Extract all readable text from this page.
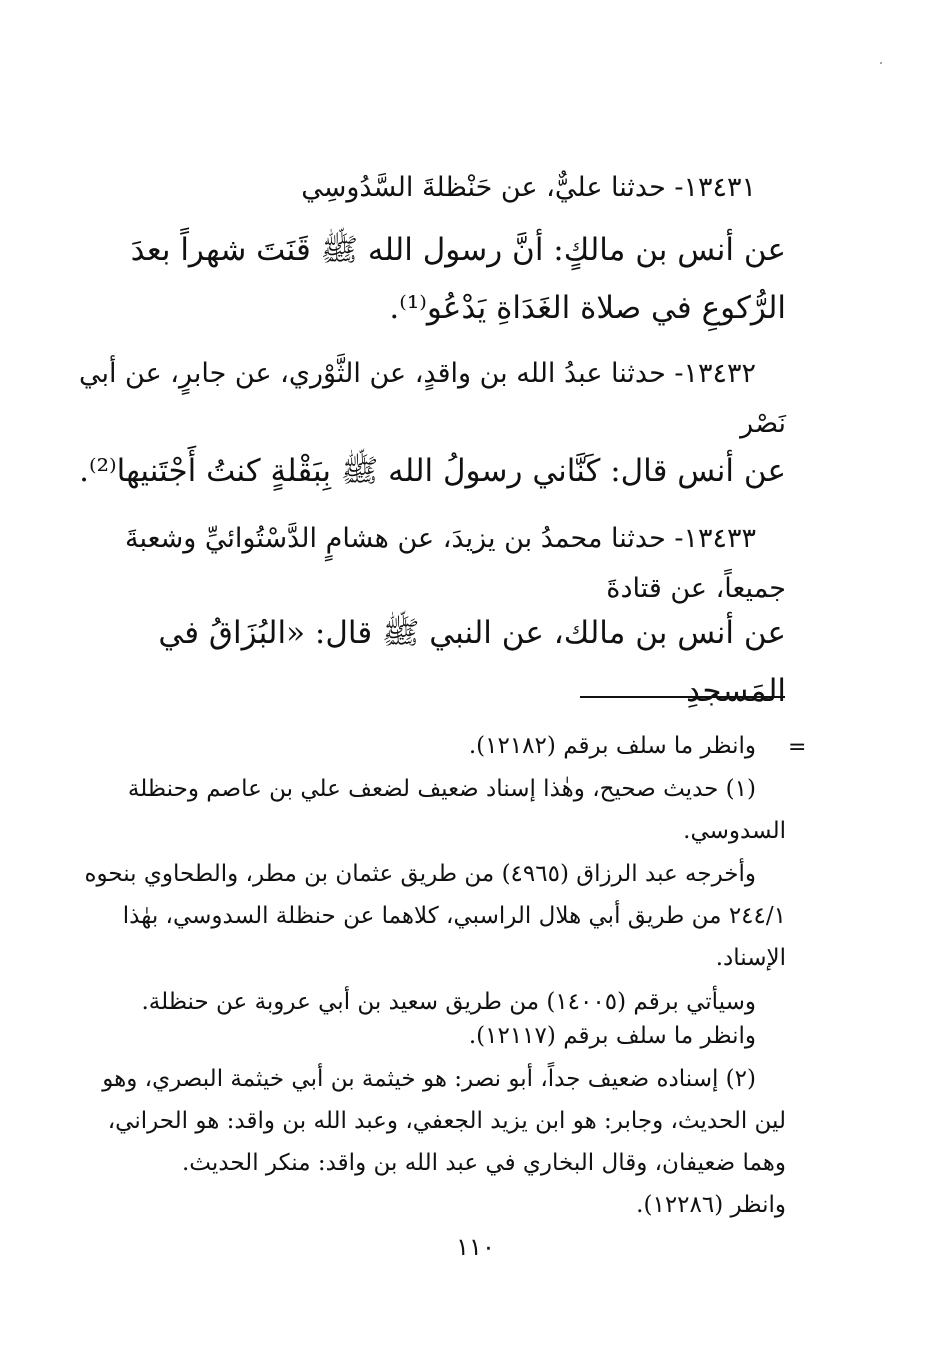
١٣٤٣١- حدثنا عليٌّ، عن حَنْظلةَ السَّدُوسِي
عن أنس بن مالكٍ: أنَّ رسول الله ﷺ قَنَتَ شهراً بعدَ الرُّكوعِ في صلاة الغَدَاةِ يَدْعُو⁽¹⁾.
١٣٤٣٢- حدثنا عبدُ الله بن واقدٍ، عن الثَّوْري، عن جابرٍ، عن أبي نَصْر
عن أنس قال: كَنَّاني رسولُ الله ﷺ بِبَقْلةٍ كنتُ أَجْتَنيها⁽²⁾.
١٣٤٣٣- حدثنا محمدُ بن يزيدَ، عن هشامٍ الدَّسْتُوائيِّ وشعبةَ جميعاً، عن قتادةَ
عن أنس بن مالك، عن النبي ﷺ قال: «البُزَاقُ في المَسجدِ
=
وانظر ما سلف برقم (١٢١٨٢).
(١) حديث صحيح، وهٰذا إسناد ضعيف لضعف علي بن عاصم وحنظلة السدوسي.
وأخرجه عبد الرزاق (٤٩٦٥) من طريق عثمان بن مطر، والطحاوي بنحوه ٢٤٤/١ من طريق أبي هلال الراسبي، كلاهما عن حنظلة السدوسي، بهٰذا الإسناد.
وسيأتي برقم (١٤٠٠٥) من طريق سعيد بن أبي عروبة عن حنظلة.
وانظر ما سلف برقم (١٢١١٧).
(٢) إسناده ضعيف جداً، أبو نصر: هو خيثمة بن أبي خيثمة البصري، وهو لين الحديث، وجابر: هو ابن يزيد الجعفي، وعبد الله بن واقد: هو الحراني، وهما ضعيفان، وقال البخاري في عبد الله بن واقد: منكر الحديث.
وانظر (١٢٢٨٦).
١١٠
